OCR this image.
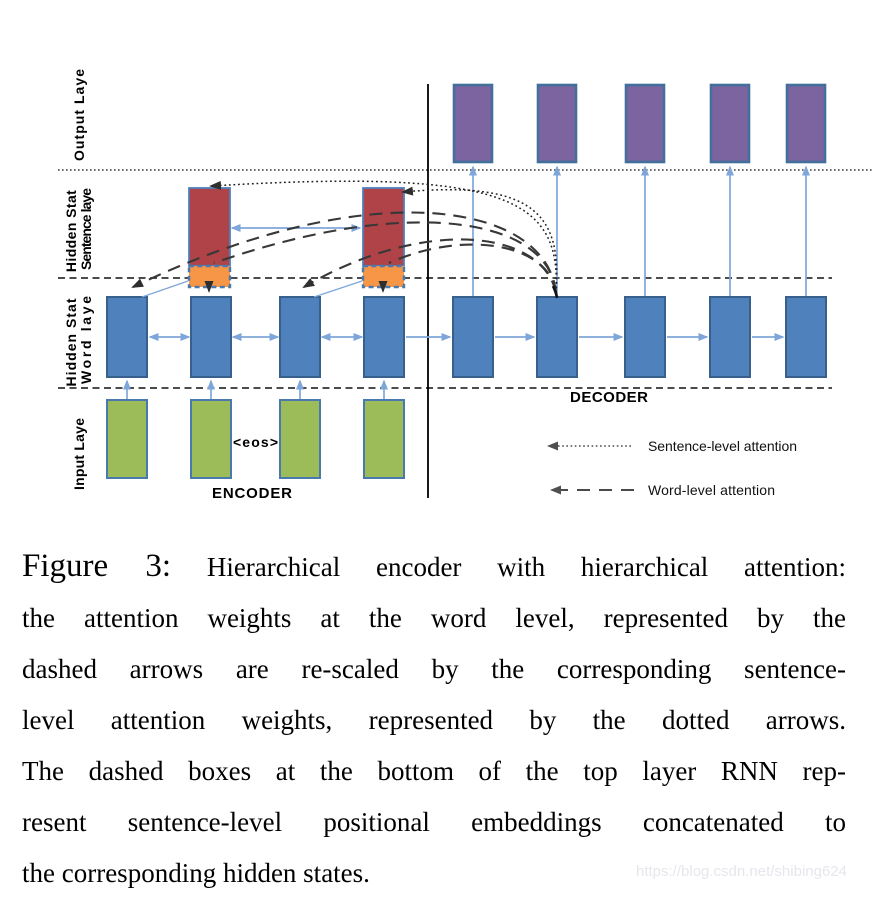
Output Laye
Hidden Stat Sentence laye
Hidden Stat Word laye
Input Laye
ENCODER
DECODER
<eos>	Sentence-level attention
Word-level attention
Figure 3: Hierarchical encoder with hierarchical attention:
the attention weights at the word level, represented by the
dashed arrows are re-scaled by the corresponding sentence-
level attention weights, represented by the dotted arrows.
The dashed boxes at the bottom of the top layer RNN rep-
resent sentence-level positional embeddings concatenated to
the corresponding hidden states.	https://blog.csdn.net/shibing624
